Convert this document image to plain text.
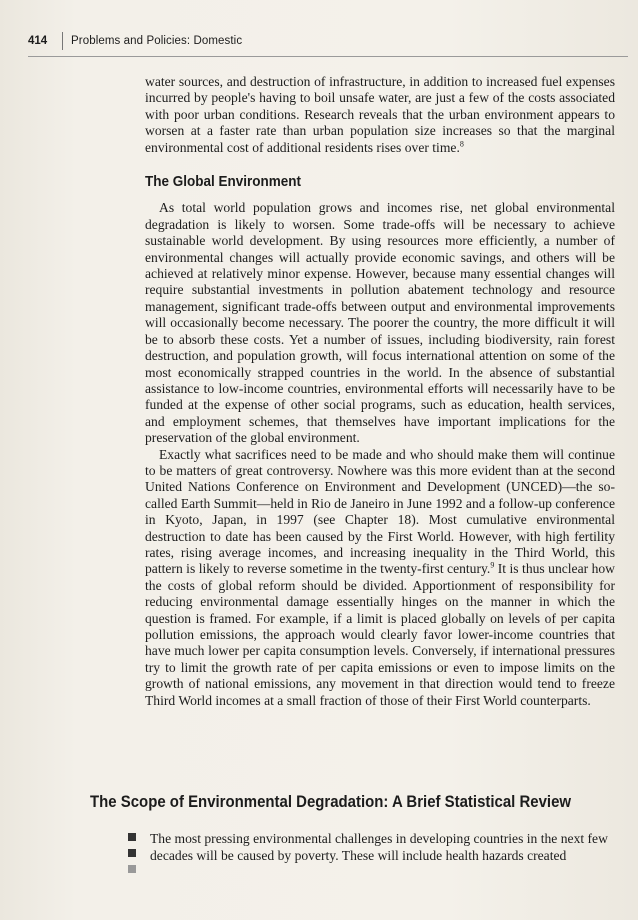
414	Problems and Policies: Domestic

water sources, and destruction of infrastructure, in addition to increased fuel expenses incurred by people's having to boil unsafe water, are just a few of the costs associated with poor urban conditions. Research reveals that the urban environment appears to worsen at a faster rate than urban population size increases so that the marginal environmental cost of additional residents rises over time.$^8$

The Global Environment

As total world population grows and incomes rise, net global environmental degradation is likely to worsen. Some trade-offs will be necessary to achieve sustainable world development. By using resources more efficiently, a number of environmental changes will actually provide economic savings, and others will be achieved at relatively minor expense. However, because many essential changes will require substantial investments in pollution abatement technology and resource management, significant trade-offs between output and environmental improvements will occasionally become necessary. The poorer the country, the more difficult it will be to absorb these costs. Yet a number of issues, including biodiversity, rain forest destruction, and population growth, will focus international attention on some of the most economically strapped countries in the world. In the absence of substantial assistance to low-income countries, environmental efforts will necessarily have to be funded at the expense of other social programs, such as education, health services, and employment schemes, that themselves have important implications for the preservation of the global environment.

Exactly what sacrifices need to be made and who should make them will continue to be matters of great controversy. Nowhere was this more evident than at the second United Nations Conference on Environment and Development (UNCED)—the so-called Earth Summit—held in Rio de Janeiro in June 1992 and a follow-up conference in Kyoto, Japan, in 1997 (see Chapter 18). Most cumulative environmental destruction to date has been caused by the First World. However, with high fertility rates, rising average incomes, and increasing inequality in the Third World, this pattern is likely to reverse sometime in the twenty-first century.$^9$ It is thus unclear how the costs of global reform should be divided. Apportionment of responsibility for reducing environmental damage essentially hinges on the manner in which the question is framed. For example, if a limit is placed globally on levels of per capita pollution emissions, the approach would clearly favor lower-income countries that have much lower per capita consumption levels. Conversely, if international pressures try to limit the growth rate of per capita emissions or even to impose limits on the growth of national emissions, any movement in that direction would tend to freeze Third World incomes at a small fraction of those of their First World counterparts.

The Scope of Environmental Degradation: A Brief Statistical Review
The most pressing environmental challenges in developing countries in the next few decades will be caused by poverty. These will include health hazards created
